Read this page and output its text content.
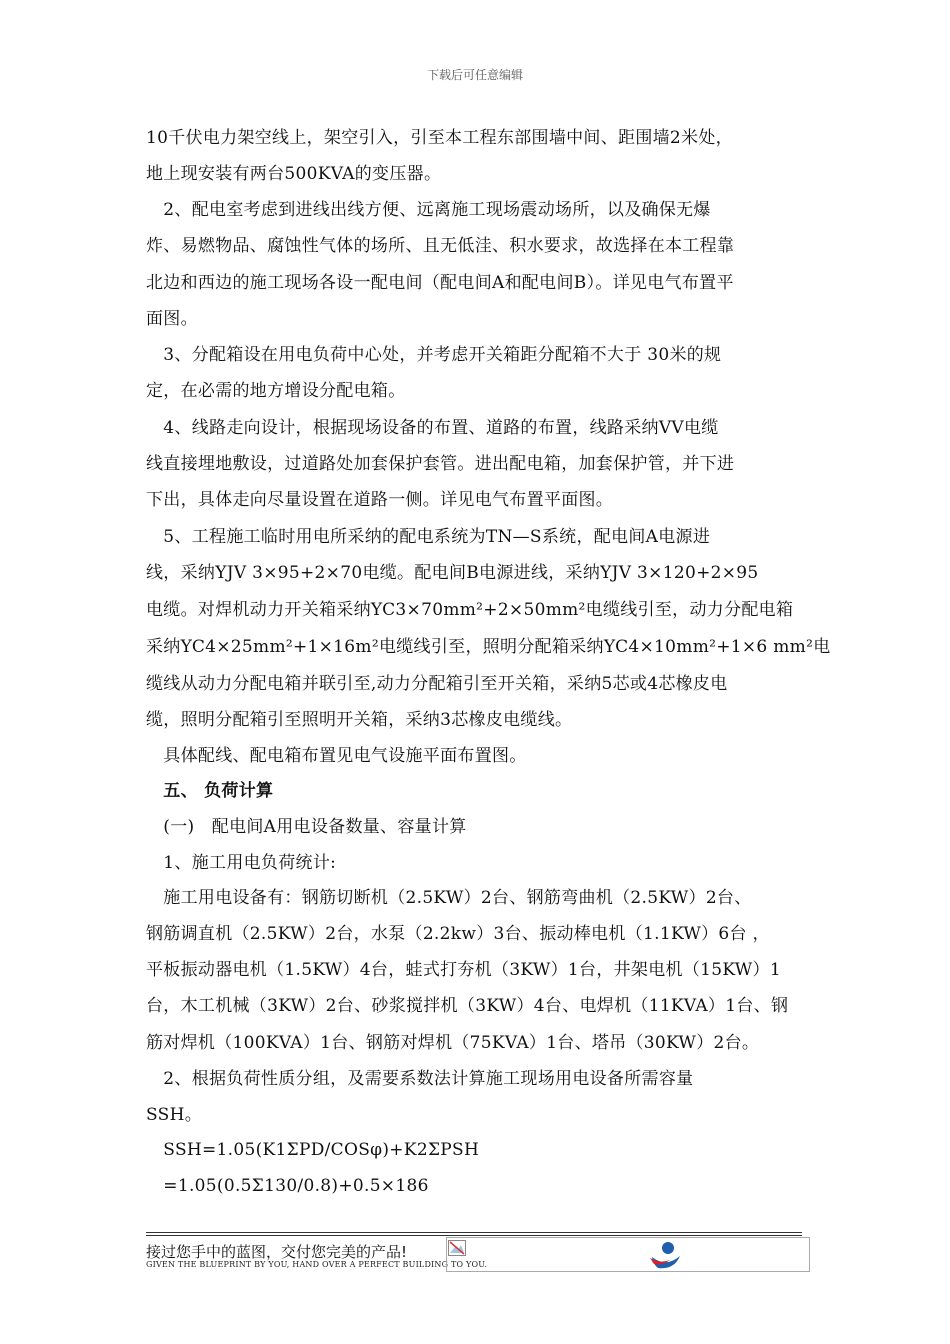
下载后可任意编辑
10千伏电力架空线上，架空引入，引至本工程东部围墙中间、距围墙2米处，
地上现安装有两台500KVA的变压器。
　2、配电室考虑到进线出线方便、远离施工现场震动场所，以及确保无爆
炸、易燃物品、腐蚀性气体的场所、且无低洼、积水要求，故选择在本工程靠
北边和西边的施工现场各设一配电间（配电间A和配电间B）。详见电气布置平
面图。
　3、分配箱设在用电负荷中心处，并考虑开关箱距分配箱不大于 30米的规
定，在必需的地方增设分配电箱。
　4、线路走向设计，根据现场设备的布置、道路的布置，线路采纳VV电缆
线直接埋地敷设，过道路处加套保护套管。进出配电箱，加套保护管，并下进
下出，具体走向尽量设置在道路一侧。详见电气布置平面图。
　5、工程施工临时用电所采纳的配电系统为TN—S系统，配电间A电源进
线，采纳YJV 3×95+2×70电缆。配电间B电源进线，采纳YJV 3×120+2×95
电缆。对焊机动力开关箱采纳YC3×70mm²+2×50mm²电缆线引至，动力分配电箱
采纳YC4×25mm²+1×16m²电缆线引至，照明分配箱采纳YC4×10mm²+1×6 mm²电
缆线从动力分配电箱并联引至,动力分配箱引至开关箱，采纳5芯或4芯橡皮电
缆，照明分配箱引至照明开关箱，采纳3芯橡皮电缆线。
　具体配线、配电箱布置见电气设施平面布置图。
　五、 负荷计算
　(一)　配电间A用电设备数量、容量计算
　1、施工用电负荷统计:
　施工用电设备有：钢筋切断机（2.5KW）2台、钢筋弯曲机（2.5KW）2台、
钢筋调直机（2.5KW）2台，水泵（2.2kw）3台、振动棒电机（1.1KW）6台 ，
平板振动器电机（1.5KW）4台，蛙式打夯机（3KW）1台，井架电机（15KW）1
台，木工机械（3KW）2台、砂浆搅拌机（3KW）4台、电焊机（11KVA）1台、钢
筋对焊机（100KVA）1台、钢筋对焊机（75KVA）1台、塔吊（30KW）2台。
　2、根据负荷性质分组，及需要系数法计算施工现场用电设备所需容量
SSH。
　SSH=1.05(K1ΣPD/COSφ)+K2ΣPSH
　=1.05(0.5Σ130/0.8)+0.5×186
接过您手中的蓝图，交付您完美的产品!
GIVEN THE BLUEPRINT BY YOU, HAND OVER A PERFECT BUILDING TO YOU.
